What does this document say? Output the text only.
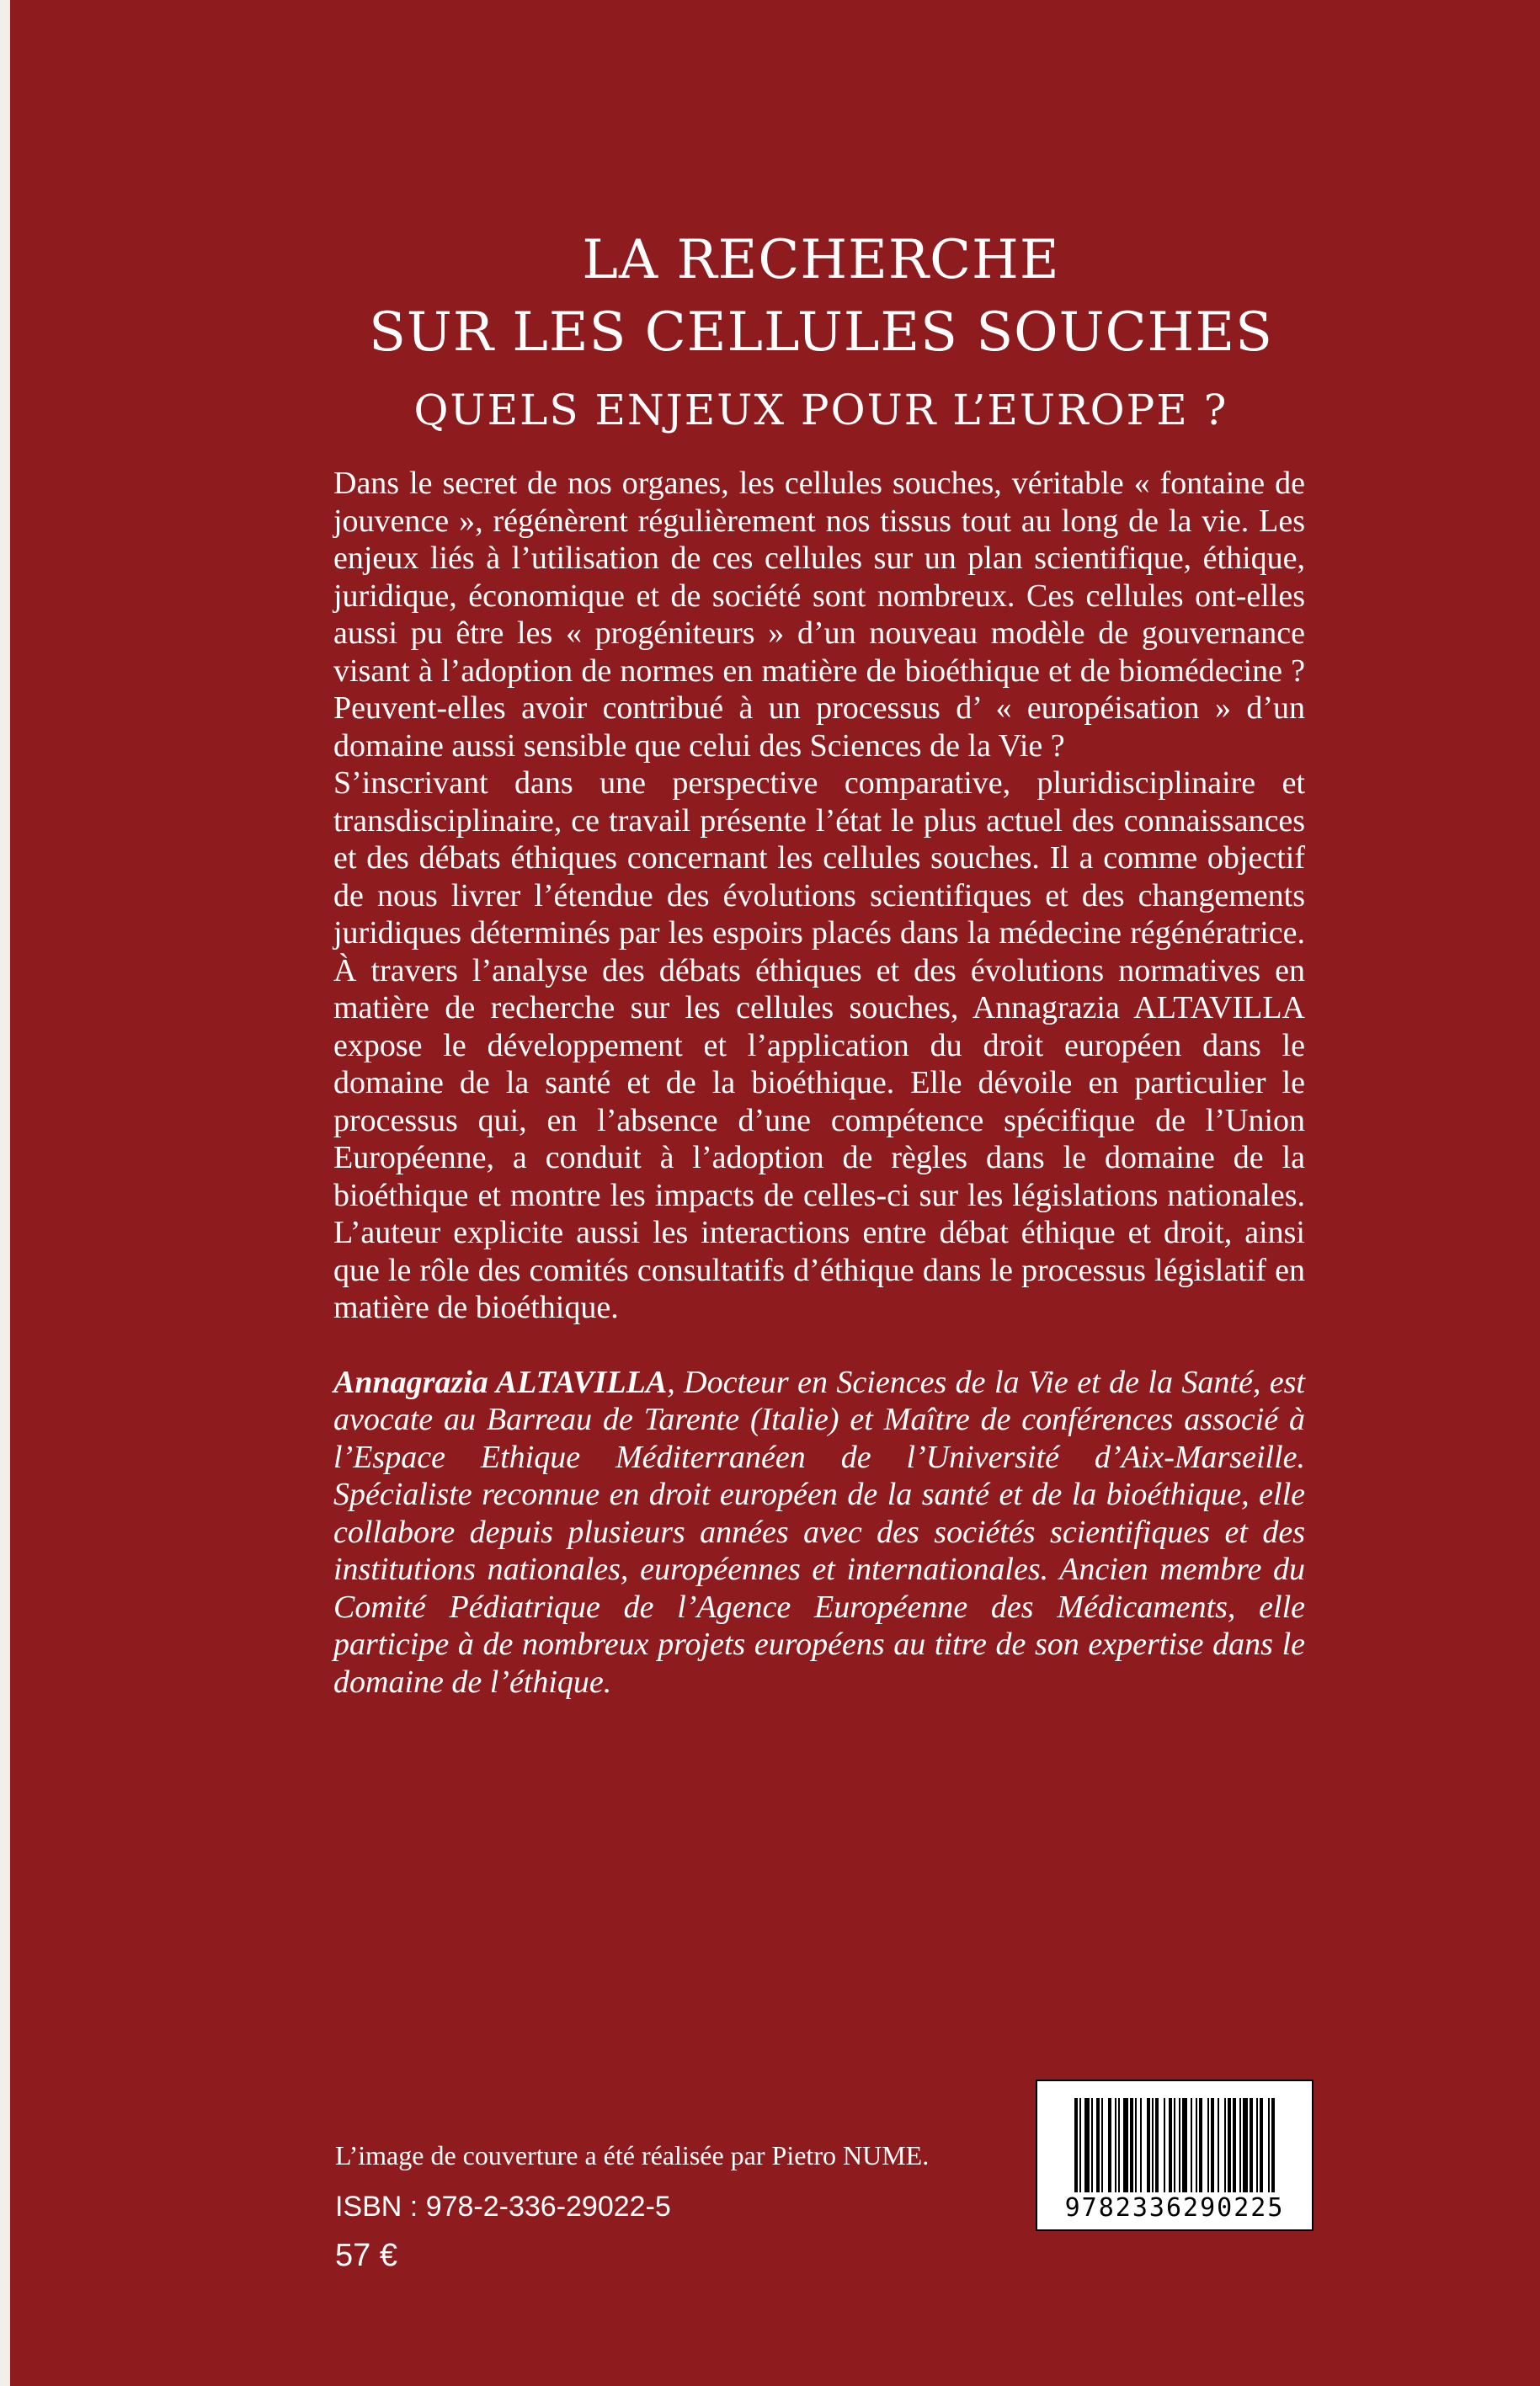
LA RECHERCHE
SUR LES CELLULES SOUCHES
QUELS ENJEUX POUR L’EUROPE ?

Dans le secret de nos organes, les cellules souches, véritable « fontaine de jouvence », régénèrent régulièrement nos tissus tout au long de la vie. Les enjeux liés à l’utilisation de ces cellules sur un plan scientifique, éthique, juridique, économique et de société sont nombreux. Ces cellules ont-elles aussi pu être les « progéniteurs » d’un nouveau modèle de gouvernance visant à l’adoption de normes en matière de bioéthique et de biomédecine ? Peuvent-elles avoir contribué à un processus d’ « européisation » d’un domaine aussi sensible que celui des Sciences de la Vie ?

S’inscrivant dans une perspective comparative, pluridisciplinaire et transdisciplinaire, ce travail présente l’état le plus actuel des connaissances et des débats éthiques concernant les cellules souches. Il a comme objectif de nous livrer l’étendue des évolutions scientifiques et des changements juridiques déterminés par les espoirs placés dans la médecine régénératrice. À travers l’analyse des débats éthiques et des évolutions normatives en matière de recherche sur les cellules souches, Annagrazia ALTAVILLA expose le développement et l’application du droit européen dans le domaine de la santé et de la bioéthique. Elle dévoile en particulier le processus qui, en l’absence d’une compétence spécifique de l’Union Européenne, a conduit à l’adoption de règles dans le domaine de la bioéthique et montre les impacts de celles-ci sur les législations nationales. L’auteur explicite aussi les interactions entre débat éthique et droit, ainsi que le rôle des comités consultatifs d’éthique dans le processus législatif en matière de bioéthique.

Annagrazia ALTAVILLA, Docteur en Sciences de la Vie et de la Santé, est avocate au Barreau de Tarente (Italie) et Maître de conférences associé à l’Espace Ethique Méditerranéen de l’Université d’Aix-Marseille. Spécialiste reconnue en droit européen de la santé et de la bioéthique, elle collabore depuis plusieurs années avec des sociétés scientifiques et des institutions nationales, européennes et internationales. Ancien membre du Comité Pédiatrique de l’Agence Européenne des Médicaments, elle participe à de nombreux projets européens au titre de son expertise dans le domaine de l’éthique.

L’image de couverture a été réalisée par Pietro NUME.
ISBN : 978-2-336-29022-5
57 €
9782336290225
